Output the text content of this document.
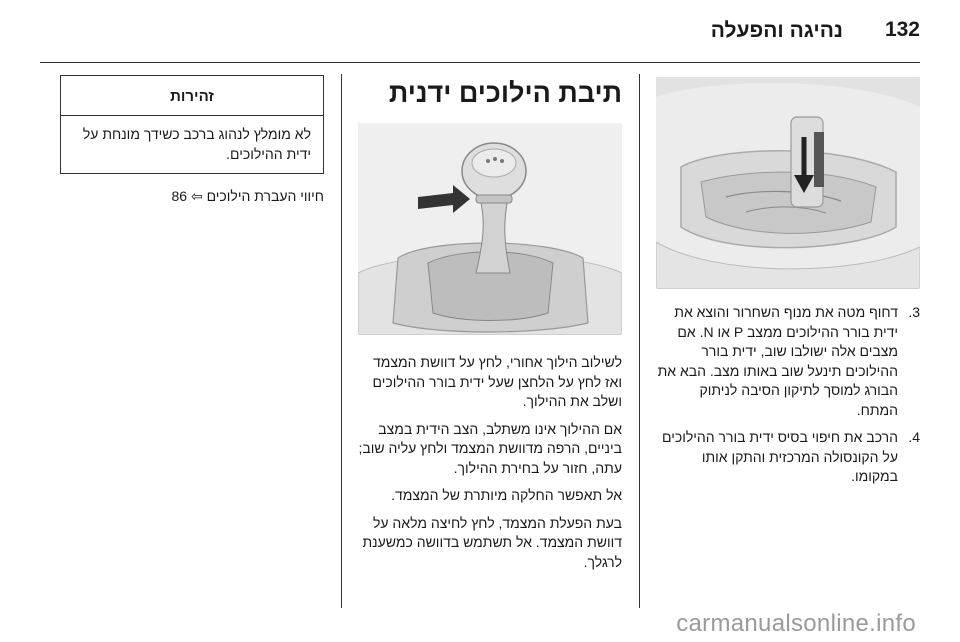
132
נהיגה והפעלה
3.
דחוף מטה את מנוף השחרור והוצא את ידית בורר ההילוכים ממצב P או N. אם מצבים אלה ישולבו שוב, ידית בורר ההילוכים תינעל שוב באותו מצב. הבא את הבורג למוסך לתיקון הסיבה לניתוק המתח.
4.
הרכב את חיפוי בסיס ידית בורר ההילוכים על הקונסולה המרכזית והתקן אותו במקומו.
תיבת הילוכים ידנית

לשילוב הילוך אחורי, לחץ על דוושת המצמד ואז לחץ על הלחצן שעל ידית בורר ההילוכים ושלב את ההילוך.

אם ההילוך אינו משתלב, הצב הידית במצב ביניים, הרפה מדוושת המצמד ולחץ עליה שוב; עתה, חזור על בחירת ההילוך.

אל תאפשר החלקה מיותרת של המצמד.

בעת הפעלת המצמד, לחץ לחיצה מלאה על דוושת המצמד. אל תשתמש בדוושה כמשענת לרגלך.

זהירות
לא מומלץ לנהוג ברכב כשידך מונחת על ידית ההילוכים.
חיווי העברת הילוכים ⇦ 86
carmanualsonline.info
